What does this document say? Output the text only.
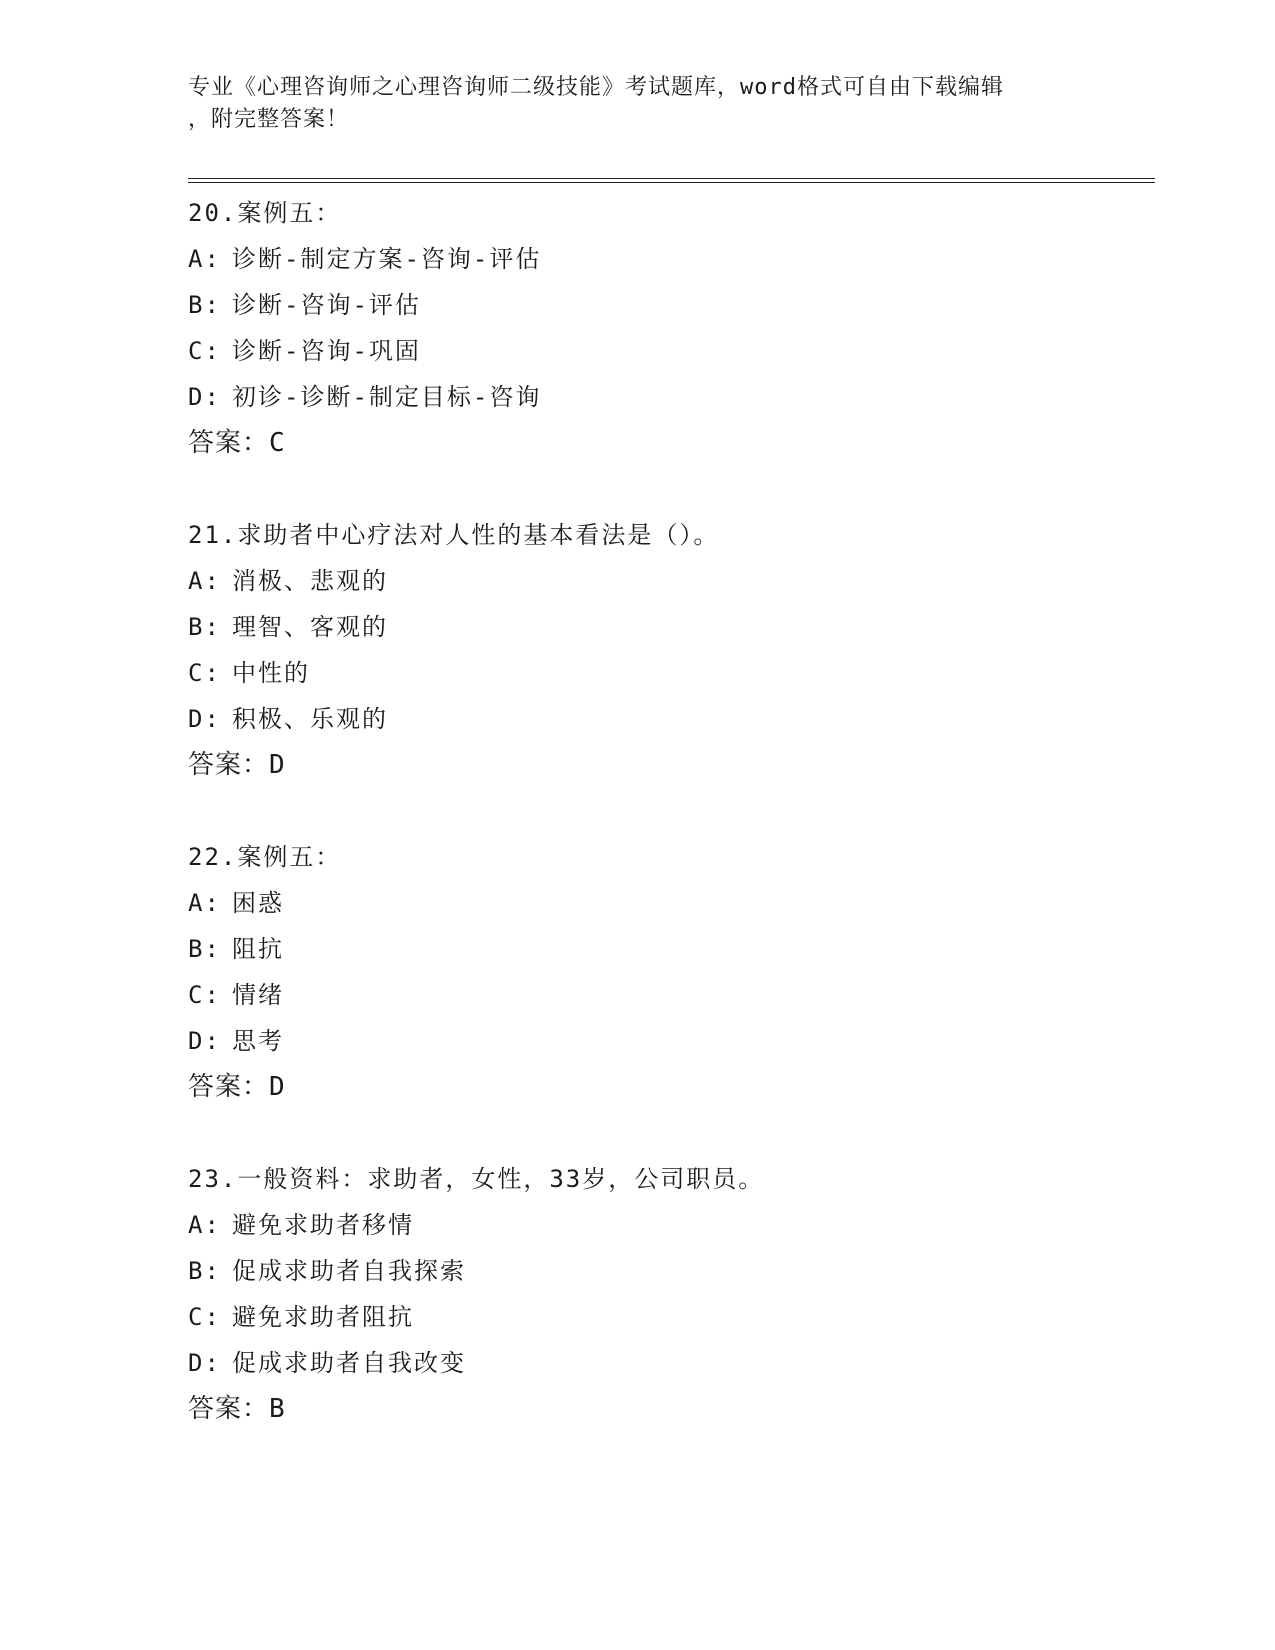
专业《心理咨询师之心理咨询师二级技能》考试题库，word格式可自由下载编辑
，附完整答案！
20.案例五：
A: 诊断-制定方案-咨询-评估
B: 诊断-咨询-评估
C: 诊断-咨询-巩固
D: 初诊-诊断-制定目标-咨询
答案：C
21.求助者中心疗法对人性的基本看法是（）。
A: 消极、悲观的
B: 理智、客观的
C: 中性的
D: 积极、乐观的
答案：D
22.案例五：
A: 困惑
B: 阻抗
C: 情绪
D: 思考
答案：D
23.一般资料：求助者，女性，33岁，公司职员。
A: 避免求助者移情
B: 促成求助者自我探索
C: 避免求助者阻抗
D: 促成求助者自我改变
答案：B
